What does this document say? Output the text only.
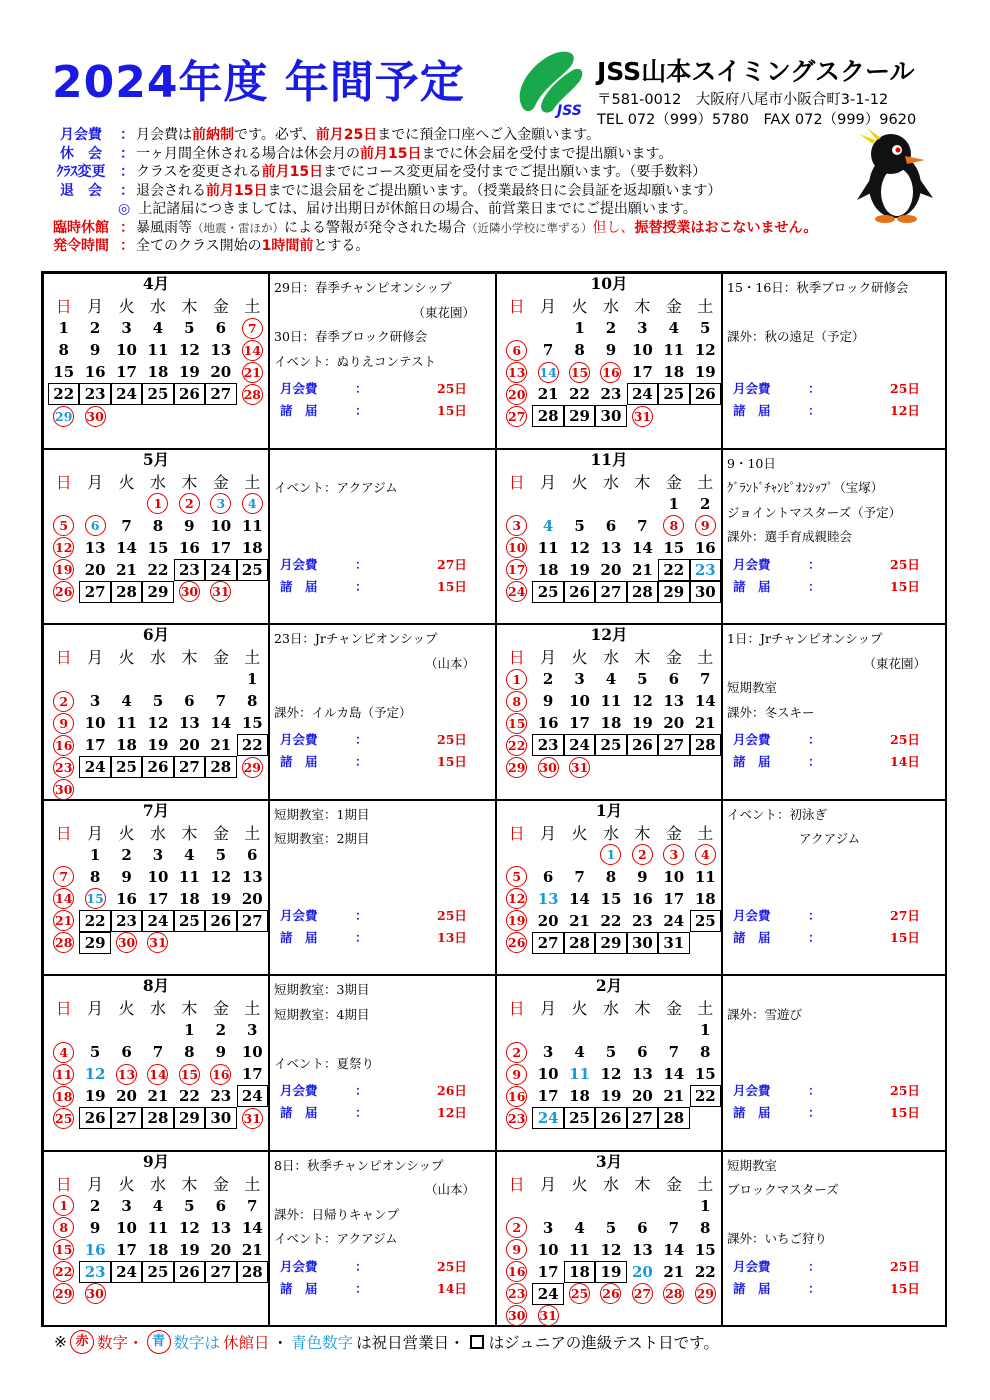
2024年度 年間予定
JSS
JSS山本スイミングスクール
〒581-0012　大阪府八尾市小阪合町3-1-12
TEL 072（999）5780　FAX 072（999）9620
月会費	： 月会費は前納制です。必ず、前月25日までに預金口座へご入金願います。
休　会	： 一ヶ月間全休される場合は休会月の前月15日までに休会届を受付まで提出願います。
ｸﾗｽ変更	： クラスを変更される前月15日までにコース変更届を受付までご提出願います。（要手数料）
退　会	： 退会される前月15日までに退会届をご提出願います。（授業最終日に会員証を返却願います）
◎ 上記諸届につきましては、届け出期日が休館日の場合、前営業日までにご提出願います。
臨時休館 ： 暴風雨等（地震・雷ほか）による警報が発令された場合（近隣小学校に準ずる）但し、振替授業はおこないません。
発令時間 ： 全てのクラス開始の1時間前とする。
4月
日	月	火	水	木	金	土
1	2	3	4	5	6	7
8	9	10	11	12	13	14
15	16	17	18	19	20	21
22	23	24	25	26	27	28
29	30					
29日：春季チャンピオンシップ
（東花園）
30日：春季ブロック研修会
イベント：ぬりえコンテスト
月会費	：	25日
諸　届	：	15日
10月
日	月	火	水	木	金	土
		1	2	3	4	5
6	7	8	9	10	11	12
13	14	15	16	17	18	19
20	21	22	23	24	25	26
27	28	29	30	31		
15・16日：秋季ブロック研修会
課外：秋の遠足（予定）
月会費	：	25日
諸　届	：	12日
5月
日	月	火	水	木	金	土
			1	2	3	4
5	6	7	8	9	10	11
12	13	14	15	16	17	18
19	20	21	22	23	24	25
26	27	28	29	30	31	
イベント：アクアジム
月会費	：	27日
諸　届	：	15日
11月
日	月	火	水	木	金	土
					1	2
3	4	5	6	7	8	9
10	11	12	13	14	15	16
17	18	19	20	21	22	23
24	25	26	27	28	29	30
9・10日
ｸﾞﾗﾝﾄﾞﾁｬﾝﾋﾟｵﾝｼｯﾌﾟ（宝塚）
ジョイントマスターズ（予定）
課外：選手育成親睦会
月会費	：	25日
諸　届	：	15日
6月
日	月	火	水	木	金	土
						1
2	3	4	5	6	7	8
9	10	11	12	13	14	15
16	17	18	19	20	21	22
23	24	25	26	27	28	29
30						
23日：Jrチャンピオンシップ
（山本）
課外：イルカ島（予定）
月会費	：	25日
諸　届	：	15日
12月
日	月	火	水	木	金	土
1	2	3	4	5	6	7
8	9	10	11	12	13	14
15	16	17	18	19	20	21
22	23	24	25	26	27	28
29	30	31				
1日：Jrチャンピオンシップ
（東花園）
短期教室
課外：冬スキー
月会費	：	25日
諸　届	：	14日
7月
日	月	火	水	木	金	土
	1	2	3	4	5	6
7	8	9	10	11	12	13
14	15	16	17	18	19	20
21	22	23	24	25	26	27
28	29	30	31			
短期教室：1期目
短期教室：2期目
月会費	：	25日
諸　届	：	13日
1月
日	月	火	水	木	金	土
			1	2	3	4
5	6	7	8	9	10	11
12	13	14	15	16	17	18
19	20	21	22	23	24	25
26	27	28	29	30	31	
イベント：初泳ぎ
アクアジム
月会費	：	27日
諸　届	：	15日
8月
日	月	火	水	木	金	土
				1	2	3
4	5	6	7	8	9	10
11	12	13	14	15	16	17
18	19	20	21	22	23	24
25	26	27	28	29	30	31
短期教室：3期目
短期教室：4期目
イベント：夏祭り
月会費	：	26日
諸　届	：	12日
2月
日	月	火	水	木	金	土
						1
2	3	4	5	6	7	8
9	10	11	12	13	14	15
16	17	18	19	20	21	22
23	24	25	26	27	28	
課外：雪遊び
月会費	：	25日
諸　届	：	15日
9月
日	月	火	水	木	金	土
1	2	3	4	5	6	7
8	9	10	11	12	13	14
15	16	17	18	19	20	21
22	23	24	25	26	27	28
29	30					
8日：秋季チャンピオンシップ
（山本）
課外：日帰りキャンプ
イベント：アクアジム
月会費	：	25日
諸　届	：	14日
3月
日	月	火	水	木	金	土
						1
2	3	4	5	6	7	8
9	10	11	12	13	14	15
16	17	18	19	20	21	22
23	24	25	26	27	28	29
30	31					
短期教室
ブロックマスターズ
課外：いちご狩り
月会費	：	25日
諸　届	：	15日
※ 赤 数字・ 青 数字は 休館日 ・ 青色数字 は祝日営業日・ はジュニアの進級テスト日です。
